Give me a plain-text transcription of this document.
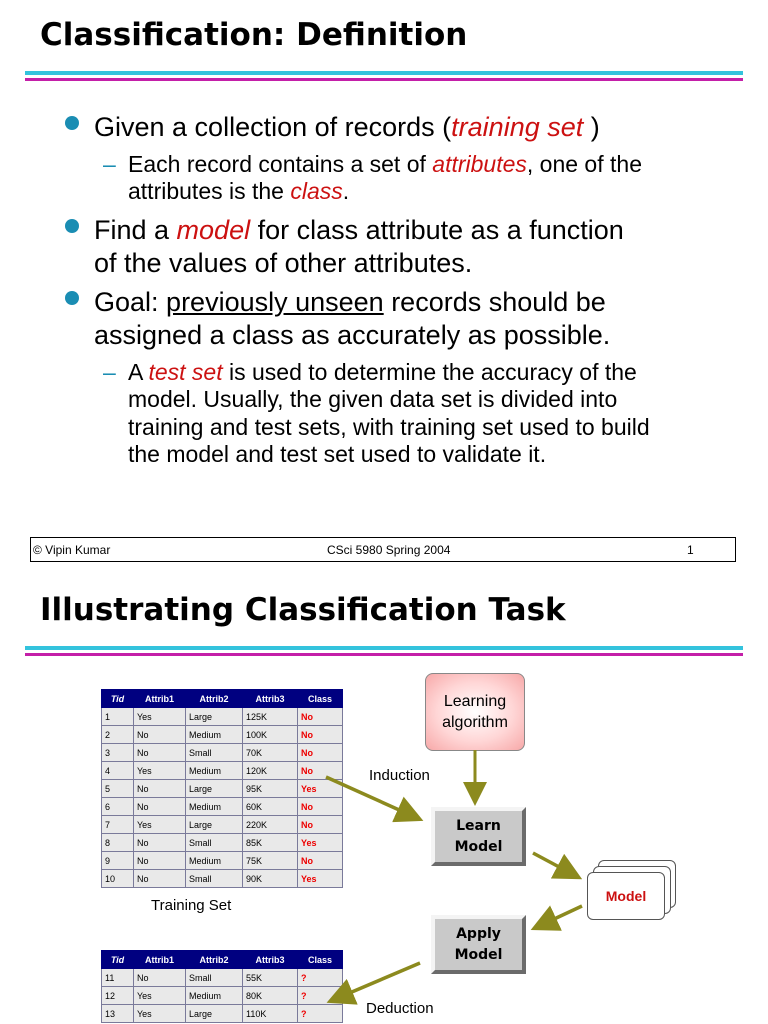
Classification: Definition
Given a collection of records (training set )
– Each record contains a set of attributes, one of the
attributes is the class.
Find a model for class attribute as a function
of the values of other attributes.
Goal: previously unseen records should be
assigned a class as accurately as possible.
– A test set is used to determine the accuracy of the
model. Usually, the given data set is divided into
training and test sets, with training set used to build
the model and test set used to validate it.
© Vipin Kumar	CSci 5980 Spring 2004	1
Illustrating Classification Task
Tid	Attrib1	Attrib2	Attrib3	Class
1	Yes	Large	125K	No
2	No	Medium	100K	No
3	No	Small	70K	No
4	Yes	Medium	120K	No
5	No	Large	95K	Yes
6	No	Medium	60K	No
7	Yes	Large	220K	No
8	No	Small	85K	Yes
9	No	Medium	75K	No
10	No	Small	90K	Yes
Training Set
Tid	Attrib1	Attrib2	Attrib3	Class
11	No	Small	55K	?
12	Yes	Medium	80K	?
13	Yes	Large	110K	?
Learning
algorithm
Induction
Deduction
Learn
Model
Apply
Model
Model
